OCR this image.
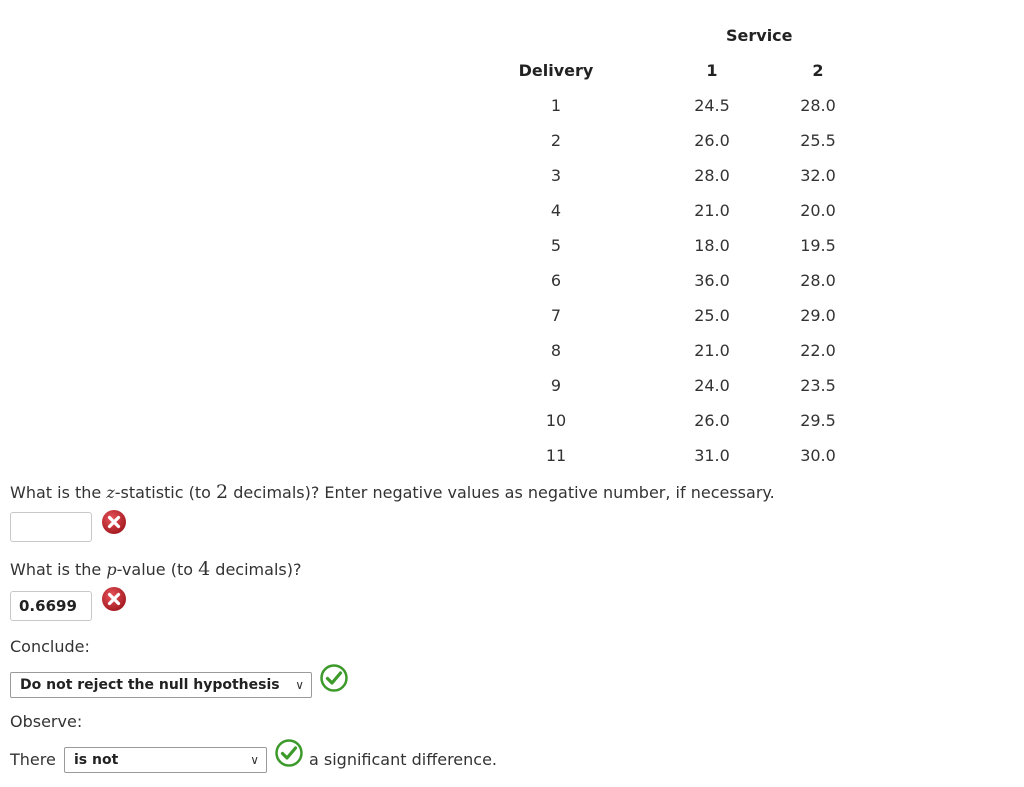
Service
Delivery	1	2
1	24.5	28.0
2	26.0	25.5
3	28.0	32.0
4	21.0	20.0
5	18.0	19.5
6	36.0	28.0
7	25.0	29.0
8	21.0	22.0
9	24.0	23.5
10	26.0	29.5
11	31.0	30.0
What is the z-statistic (to 2 decimals)? Enter negative values as negative number, if necessary.
What is the p-value (to 4 decimals)?
0.6699
Conclude:
Do not reject the null hypothesis ∨
Observe:
There	is not	∨	a significant difference.
